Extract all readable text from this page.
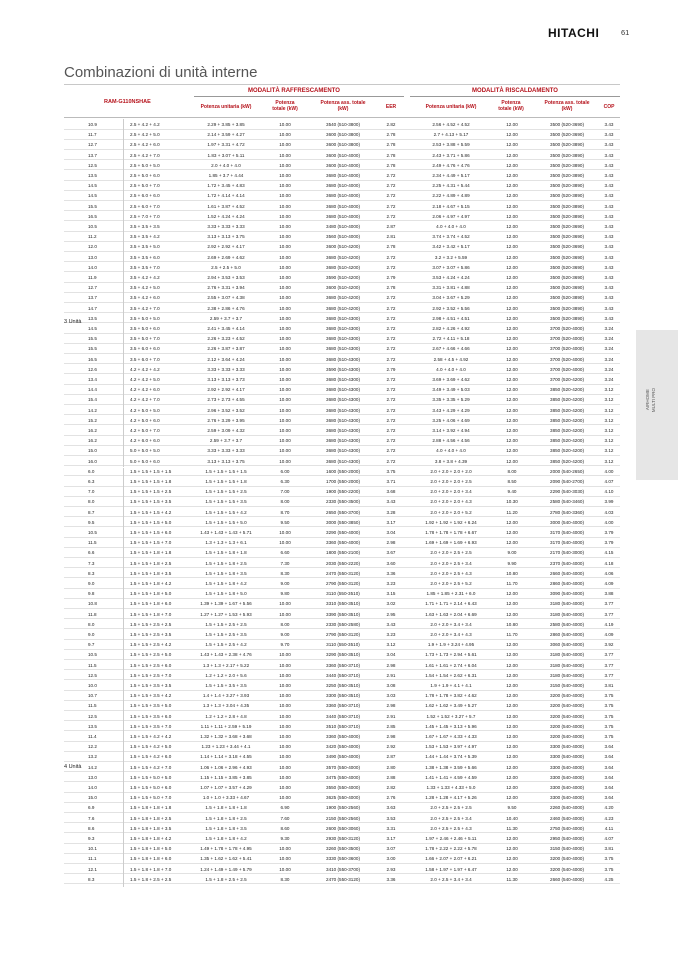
HITACHI	61
Combinazioni di unità interne
MODALITÀ RAFFRESCAMENTO	MODALITÀ RISCALDAMENTO
RAM-G110NSHAE
Potenza unitaria (kW)
Potenza totale (kW)
Potenza ass. totale (kW)	EER	Potenza unitaria (kW)
Potenza totale (kW)
Potenza ass. totale (kW)	COP
10.9	2.5 + 4.2 + 4.2	2.29 + 3.85 + 3.85	10.00	3540 (510-3800)	2.82	2.56 + 4.52 + 4.52	12.00	3500 (520-3690)	3.43
11.7	2.5 + 4.2 + 5.0	2.14 + 3.59 + 4.27	10.00	3600 (510-3800)	2.78	2.7 + 4.13 + 5.17	12.00	3500 (520-3690)	3.43
12.7	2.5 + 4.2 + 6.0	1.97 + 3.31 + 4.72	10.00	3600 (510-3800)	2.78	2.53 + 3.88 + 5.59	12.00	3500 (520-3890)	3.43
13.7	2.5 + 4.2 + 7.0	1.83 + 3.07 + 5.11	10.00	3600 (510-4000)	2.78	2.43 + 3.71 + 5.86	12.00	3500 (520-3890)	3.43
12.5	2.5 + 5.0 + 5.0	2.0 + 4.0 + 4.0	10.00	3600 (510-4000)	2.78	2.49 + 4.76 + 4.76	12.00	3500 (520-3890)	3.43
13.5	2.5 + 5.0 + 6.0	1.85 + 3.7 + 4.44	10.00	3680 (510-4000)	2.72	2.34 + 4.49 + 5.17	12.00	3500 (520-3890)	3.43
14.5	2.5 + 5.0 + 7.0	1.72 + 3.45 + 4.83	10.00	3680 (510-4000)	2.72	2.25 + 4.31 + 5.44	12.00	3500 (520-3890)	3.43
14.5	2.5 + 6.0 + 6.0	1.72 + 4.14 + 4.14	10.00	3680 (510-4000)	2.72	2.22 + 4.89 + 4.89	12.00	3500 (520-3890)	3.43
15.5	2.5 + 6.0 + 7.0	1.61 + 3.87 + 4.52	10.00	3680 (510-4000)	2.72	2.18 + 4.67 + 5.15	12.00	3500 (520-3890)	3.43
16.5	2.5 + 7.0 + 7.0	1.52 + 4.24 + 4.24	10.00	3680 (510-4000)	2.72	2.06 + 4.97 + 4.97	12.00	3500 (520-3890)	3.43
10.5	3.5 + 3.5 + 3.5	3.33 + 3.33 + 3.33	10.00	3480 (510-4000)	2.87	4.0 + 4.0 + 4.0	12.00	3500 (520-3690)	3.43
11.2	3.5 + 3.5 + 4.2	3.13 + 3.13 + 3.75	10.00	3560 (510-4000)	2.81	3.74 + 3.74 + 4.52	12.00	3500 (520-3690)	3.43
12.0	3.5 + 3.5 + 5.0	2.92 + 2.92 + 4.17	10.00	3600 (510-4200)	2.78	3.42 + 3.42 + 5.17	12.00	3500 (520-3690)	3.43
13.0	3.5 + 3.5 + 6.0	2.69 + 2.69 + 4.62	10.00	3680 (510-4200)	2.72	3.2 + 3.2 + 5.59	12.00	3500 (520-3690)	3.43
14.0	3.5 + 3.5 + 7.0	2.5 + 2.5 + 5.0	10.00	3680 (510-4200)	2.72	3.07 + 3.07 + 5.86	12.00	3500 (520-3690)	3.43
11.9	3.5 + 4.2 + 4.2	2.94 + 3.53 + 3.53	10.00	3590 (510-4200)	2.79	3.53 + 4.24 + 4.24	12.00	3500 (520-3690)	3.43
12.7	3.5 + 4.2 + 5.0	2.76 + 3.31 + 3.94	10.00	3600 (510-4200)	2.78	3.31 + 3.81 + 4.88	12.00	3500 (520-3690)	3.43
13.7	3.5 + 4.2 + 6.0	2.55 + 3.07 + 4.38	10.00	3680 (510-4200)	2.72	3.04 + 3.67 + 5.29	12.00	3500 (520-3890)	3.43
14.7	3.5 + 4.2 + 7.0	2.38 + 2.86 + 4.76	10.00	3680 (510-4200)	2.72	2.92 + 3.52 + 5.56	12.00	3500 (520-3890)	3.43
13.5	3.5 + 5.0 + 5.0	2.59 + 3.7 + 3.7	10.00	3680 (510-4300)	2.72	2.98 + 4.51 + 4.51	12.00	3500 (520-3890)	3.43
14.5	3.5 + 5.0 + 6.0	2.41 + 3.45 + 4.14	10.00	3680 (510-4300)	2.72	2.82 + 4.26 + 4.92	12.00	3700 (520-4000)	3.24
15.5	3.5 + 5.0 + 7.0	2.26 + 3.23 + 4.52	10.00	3680 (510-4300)	2.72	2.72 + 4.11 + 5.18	12.00	3700 (520-4000)	3.24
15.5	3.5 + 6.0 + 6.0	2.26 + 3.87 + 3.87	10.00	3680 (510-4300)	2.72	2.67 + 4.66 + 4.66	12.00	3700 (520-4000)	3.24
16.5	3.5 + 6.0 + 7.0	2.12 + 3.64 + 4.24	10.00	3680 (510-4300)	2.72	2.58 + 4.5 + 4.92	12.00	3700 (520-4000)	3.24
12.6	4.2 + 4.2 + 4.2	3.33 + 3.33 + 3.33	10.00	3590 (510-4300)	2.79	4.0 + 4.0 + 4.0	12.00	3700 (520-4000)	3.24
13.4	4.2 + 4.2 + 5.0	3.13 + 3.13 + 3.73	10.00	3680 (510-4300)	2.72	3.69 + 3.69 + 4.62	12.00	3700 (520-4200)	3.24
14.4	4.2 + 4.2 + 6.0	2.92 + 2.92 + 4.17	10.00	3680 (510-4300)	2.72	3.49 + 3.49 + 5.03	12.00	3850 (520-4200)	3.12
15.4	4.2 + 4.2 + 7.0	2.73 + 2.73 + 4.55	10.00	3680 (510-4300)	2.72	3.35 + 3.35 + 5.29	12.00	3850 (520-4200)	3.12
14.2	4.2 + 5.0 + 5.0	2.96 + 3.52 + 3.52	10.00	3680 (510-4300)	2.72	3.43 + 4.29 + 4.29	12.00	3850 (520-4200)	3.12
15.2	4.2 + 5.0 + 6.0	2.76 + 3.29 + 3.95	10.00	3680 (510-4300)	2.72	3.25 + 4.06 + 4.69	12.00	3850 (520-4200)	3.12
16.2	4.2 + 5.0 + 7.0	2.59 + 3.09 + 4.32	10.00	3680 (510-4300)	2.72	3.14 + 3.92 + 4.94	12.00	3850 (520-4200)	3.12
16.2	4.2 + 6.0 + 6.0	2.59 + 3.7 + 3.7	10.00	3680 (510-4300)	2.72	2.88 + 4.56 + 4.56	12.00	3850 (520-4200)	3.12
15.0	5.0 + 5.0 + 5.0	3.33 + 3.33 + 3.33	10.00	3680 (510-4300)	2.72	4.0 + 4.0 + 4.0	12.00	3850 (520-4200)	3.12
16.0	5.0 + 5.0 + 6.0	3.13 + 3.13 + 3.75	10.00	3680 (510-4300)	2.72	3.8 + 3.8 + 4.39	12.00	3850 (520-4200)	3.12
6.0	1.5 + 1.5 + 1.5 + 1.5	1.5 + 1.5 + 1.5 + 1.5	6.00	1600 (550-2000)	3.75	2.0 + 2.0 + 2.0 + 2.0	8.00	2000 (540-2650)	4.00
6.3	1.5 + 1.5 + 1.5 + 1.8	1.5 + 1.5 + 1.5 + 1.8	6.30	1700 (550-2000)	3.71	2.0 + 2.0 + 2.0 + 2.5	8.50	2090 (540-2700)	4.07
7.0	1.5 + 1.5 + 1.5 + 2.5	1.5 + 1.5 + 1.5 + 2.5	7.00	1900 (550-2200)	3.68	2.0 + 2.0 + 2.0 + 3.4	9.40	2290 (540-3030)	4.10
8.0	1.5 + 1.5 + 1.5 + 3.5	1.5 + 1.5 + 1.5 + 3.5	8.00	2330 (550-3500)	3.43	2.0 + 2.0 + 2.0 + 4.3	10.30	2580 (540-3460)	3.99
8.7	1.5 + 1.5 + 1.5 + 4.2	1.5 + 1.5 + 1.5 + 4.2	8.70	2650 (550-3700)	3.28	2.0 + 2.0 + 2.0 + 5.2	11.20	2780 (540-3360)	4.03
9.5	1.5 + 1.5 + 1.5 + 5.0	1.5 + 1.5 + 1.5 + 5.0	9.50	3000 (550-3850)	3.17	1.92 + 1.92 + 1.92 + 6.24	12.00	3000 (540-4000)	4.00
10.5	1.5 + 1.5 + 1.5 + 6.0	1.43 + 1.43 + 1.43 + 5.71	10.00	3290 (550-4000)	3.04	1.78 + 1.78 + 1.78 + 6.67	12.00	3170 (540-4000)	3.79
11.5	1.5 + 1.5 + 1.5 + 7.0	1.3 + 1.3 + 1.3 + 6.1	10.00	3360 (550-4000)	2.98	1.69 + 1.69 + 1.69 + 6.93	12.00	3170 (540-4000)	3.79
6.6	1.5 + 1.5 + 1.8 + 1.8	1.5 + 1.5 + 1.8 + 1.8	6.60	1800 (550-2100)	3.67	2.0 + 2.0 + 2.5 + 2.5	9.00	2170 (540-3000)	4.15
7.3	1.5 + 1.5 + 1.8 + 2.5	1.5 + 1.5 + 1.8 + 2.5	7.30	2030 (550-2220)	3.60	2.0 + 2.0 + 2.5 + 3.4	9.90	2370 (540-4000)	4.18
8.3	1.5 + 1.5 + 1.8 + 3.5	1.5 + 1.5 + 1.8 + 3.5	8.30	2470 (550-3120)	3.36	2.0 + 2.0 + 2.5 + 4.3	10.80	2660 (540-4000)	4.06
9.0	1.5 + 1.5 + 1.8 + 4.2	1.5 + 1.5 + 1.8 + 4.2	9.00	2790 (550-3120)	3.23	2.0 + 2.0 + 2.5 + 5.2	11.70	2860 (540-4000)	4.09
9.8	1.5 + 1.5 + 1.8 + 5.0	1.5 + 1.5 + 1.8 + 5.0	9.80	3110 (550-3510)	3.15	1.85 + 1.85 + 2.31 + 6.0	12.00	3090 (540-4000)	3.88
10.8	1.5 + 1.5 + 1.8 + 6.0	1.39 + 1.39 + 1.67 + 5.56	10.00	3310 (550-3510)	3.02	1.71 + 1.71 + 2.14 + 6.43	12.00	3180 (540-4000)	3.77
11.8	1.5 + 1.5 + 1.8 + 7.0	1.27 + 1.27 + 1.53 + 5.93	10.00	3390 (550-3510)	2.95	1.63 + 1.63 + 2.04 + 6.69	12.00	3180 (540-4000)	3.77
8.0	1.5 + 1.5 + 2.5 + 2.5	1.5 + 1.5 + 2.5 + 2.5	8.00	2330 (550-2580)	3.43	2.0 + 2.0 + 3.4 + 3.4	10.80	2580 (540-4000)	4.19
9.0	1.5 + 1.5 + 2.5 + 3.5	1.5 + 1.5 + 2.5 + 3.5	9.00	2790 (550-3120)	3.23	2.0 + 2.0 + 3.4 + 4.3	11.70	2860 (540-4000)	4.09
9.7	1.5 + 1.5 + 2.5 + 4.2	1.5 + 1.5 + 2.5 + 4.2	9.70	3110 (550-3510)	3.12	1.9 + 1.9 + 3.24 + 4.95	12.00	3060 (540-4000)	3.92
10.5	1.5 + 1.5 + 2.5 + 5.0	1.43 + 1.43 + 2.38 + 4.76	10.00	3290 (550-3510)	3.04	1.73 + 1.73 + 2.94 + 5.61	12.00	3180 (540-4000)	3.77
11.5	1.5 + 1.5 + 2.5 + 6.0	1.3 + 1.3 + 2.17 + 5.22	10.00	3360 (550-3710)	2.98	1.61 + 1.61 + 2.74 + 6.04	12.00	3180 (540-4000)	3.77
12.5	1.5 + 1.5 + 2.5 + 7.0	1.2 + 1.2 + 2.0 + 5.6	10.00	3440 (550-3710)	2.91	1.54 + 1.54 + 2.62 + 6.31	12.00	3180 (540-4000)	3.77
10.0	1.5 + 1.5 + 3.5 + 3.5	1.5 + 1.5 + 3.5 + 3.5	10.00	3250 (550-3510)	3.08	1.9 + 1.9 + 4.1 + 4.1	12.00	3150 (540-4000)	3.81
10.7	1.5 + 1.5 + 3.5 + 4.2	1.4 + 1.4 + 3.27 + 3.93	10.00	3300 (550-3510)	3.03	1.78 + 1.78 + 3.82 + 4.62	12.00	3200 (540-4000)	3.75
11.5	1.5 + 1.5 + 3.5 + 5.0	1.3 + 1.3 + 3.04 + 4.35	10.00	3360 (550-3710)	2.98	1.62 + 1.62 + 3.49 + 5.27	12.00	3200 (540-4000)	3.75
12.5	1.5 + 1.5 + 3.5 + 6.0	1.2 + 1.2 + 2.8 + 4.8	10.00	3440 (550-3710)	2.91	1.52 + 1.52 + 3.27 + 5.7	12.00	3200 (540-4000)	3.75
13.5	1.5 + 1.5 + 3.5 + 7.0	1.11 + 1.11 + 2.59 + 5.19	10.00	3510 (550-3710)	2.85	1.45 + 1.45 + 3.13 + 5.96	12.00	3200 (540-4000)	3.75
11.4	1.5 + 1.5 + 4.2 + 4.2	1.32 + 1.32 + 3.68 + 3.68	10.00	3360 (550-4000)	2.98	1.67 + 1.67 + 4.33 + 4.33	12.00	3200 (540-4000)	3.75
12.2	1.5 + 1.5 + 4.2 + 5.0	1.23 + 1.23 + 3.44 + 4.1	10.00	3420 (550-4000)	2.92	1.53 + 1.53 + 3.97 + 4.97	12.00	3300 (540-4000)	3.64
13.2	1.5 + 1.5 + 4.2 + 6.0	1.14 + 1.14 + 3.18 + 4.55	10.00	3490 (550-4000)	2.87	1.44 + 1.44 + 3.74 + 5.39	12.00	3300 (540-4000)	3.64
14.2	1.5 + 1.5 + 4.2 + 7.0	1.06 + 1.06 + 2.96 + 4.93	10.00	3570 (550-4000)	2.80	1.38 + 1.38 + 3.59 + 5.66	12.00	3300 (540-4000)	3.64
13.0	1.5 + 1.5 + 5.0 + 5.0	1.15 + 1.15 + 3.85 + 3.85	10.00	3475 (550-4000)	2.88	1.41 + 1.41 + 4.59 + 4.59	12.00	3300 (540-4000)	3.64
14.0	1.5 + 1.5 + 5.0 + 6.0	1.07 + 1.07 + 3.57 + 4.29	10.00	3550 (550-4000)	2.82	1.33 + 1.33 + 4.33 + 5.0	12.00	3300 (540-4000)	3.64
15.0	1.5 + 1.5 + 5.0 + 7.0	1.0 + 1.0 + 3.33 + 4.67	10.00	3625 (550-4000)	2.76	1.28 + 1.28 + 4.17 + 5.26	12.00	3300 (540-4000)	3.64
6.9	1.5 + 1.8 + 1.8 + 1.8	1.5 + 1.8 + 1.8 + 1.8	6.90	1900 (550-2560)	3.63	2.0 + 2.5 + 2.5 + 2.5	9.50	2260 (540-4000)	4.20
7.6	1.5 + 1.8 + 1.8 + 2.5	1.5 + 1.8 + 1.8 + 2.5	7.60	2150 (550-2560)	3.53	2.0 + 2.5 + 2.5 + 3.4	10.40	2460 (540-4000)	4.23
8.6	1.5 + 1.8 + 1.8 + 3.5	1.5 + 1.8 + 1.8 + 3.5	8.60	2600 (550-3060)	3.31	2.0 + 2.5 + 2.5 + 4.3	11.30	2750 (540-4000)	4.11
9.3	1.5 + 1.8 + 1.8 + 4.2	1.5 + 1.8 + 1.8 + 4.2	9.30	2930 (550-3120)	3.17	1.97 + 2.46 + 2.46 + 5.11	12.00	2950 (540-4000)	4.07
10.1	1.5 + 1.8 + 1.8 + 5.0	1.49 + 1.78 + 1.78 + 4.95	10.00	3260 (550-3500)	3.07	1.78 + 2.22 + 2.22 + 5.78	12.00	3150 (540-4000)	3.81
11.1	1.5 + 1.8 + 1.8 + 6.0	1.35 + 1.62 + 1.62 + 5.41	10.00	3330 (550-3600)	3.00	1.66 + 2.07 + 2.07 + 6.21	12.00	3200 (540-4000)	3.75
12.1	1.5 + 1.8 + 1.8 + 7.0	1.24 + 1.49 + 1.49 + 5.79	10.00	3410 (550-3700)	2.93	1.58 + 1.97 + 1.97 + 6.47	12.00	3200 (540-4000)	3.75
8.3	1.5 + 1.8 + 2.5 + 2.5	1.5 + 1.8 + 2.5 + 2.5	8.30	2470 (550-3120)	3.36	2.0 + 2.5 + 3.4 + 3.4	11.30	2660 (540-4000)	4.25
3 Unità
4 Unità
AIRHOME
MULTI PRO
